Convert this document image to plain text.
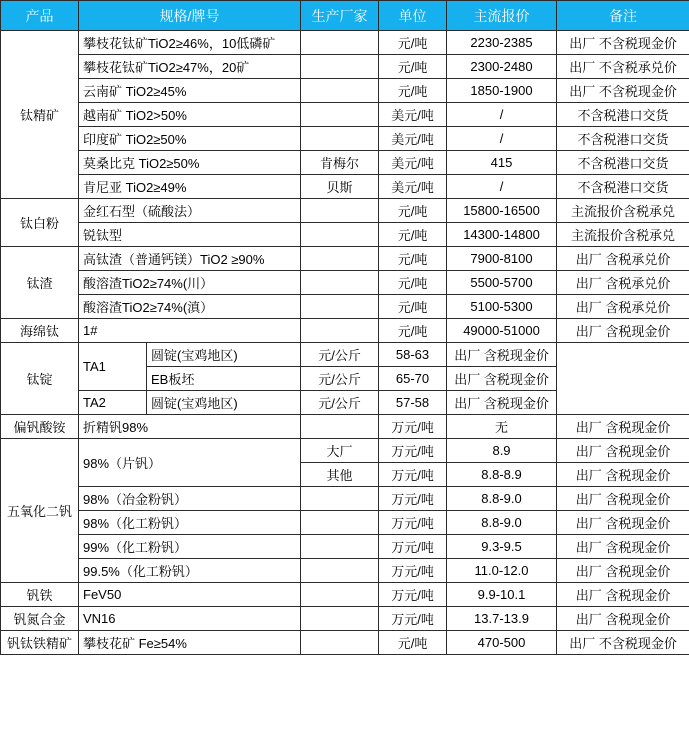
产品	规格/牌号		生产厂家	单位	主流报价	备注
钛精矿	攀枝花钛矿TiO2≥46%，10低磷矿			元/吨	2230-2385	出厂 不含税现金价
	攀枝花钛矿TiO2≥47%，20矿			元/吨	2300-2480	出厂 不含税承兑价
	云南矿 TiO2≥45%			元/吨	1850-1900	出厂 不含税现金价
	越南矿 TiO2>50%			美元/吨	/	不含税港口交货
	印度矿 TiO2≥50%			美元/吨	/	不含税港口交货
	莫桑比克 TiO2≥50%		肯梅尔	美元/吨	415	不含税港口交货
	肯尼亚 TiO2≥49%		贝斯	美元/吨	/	不含税港口交货
钛白粉	金红石型（硫酸法）			元/吨	15800-16500	主流报价含税承兑
	锐钛型			元/吨	14300-14800	主流报价含税承兑
钛渣	高钛渣（普通钙镁）TiO2 ≥90%			元/吨	7900-8100	出厂 含税承兑价
	酸溶渣TiO2≥74%(川）			元/吨	5500-5700	出厂 含税承兑价
	酸溶渣TiO2≥74%(滇）			元/吨	5100-5300	出厂 含税承兑价
海绵钛	1#			元/吨	49000-51000	出厂 含税现金价
钛锭	TA1	圆锭(宝鸡地区)	元/公斤	58-63	出厂 含税现金价	
		EB板坯	元/公斤	65-70	出厂 含税现金价	
	TA2	圆锭(宝鸡地区)	元/公斤	57-58	出厂 含税现金价	
偏钒酸铵	折精钒98%			万元/吨	无	出厂 含税现金价
五氧化二钒	98%（片钒）		大厂	万元/吨	8.9	出厂 含税现金价
			其他	万元/吨	8.8-8.9	出厂 含税现金价
	98%（冶金粉钒）			万元/吨	8.8-9.0	出厂 含税现金价
	98%（化工粉钒）			万元/吨	8.8-9.0	出厂 含税现金价
	99%（化工粉钒）			万元/吨	9.3-9.5	出厂 含税现金价
	99.5%（化工粉钒）			万元/吨	11.0-12.0	出厂 含税现金价
钒铁	FeV50			万元/吨	9.9-10.1	出厂 含税现金价
钒氮合金	VN16			万元/吨	13.7-13.9	出厂 含税现金价
钒钛铁精矿	攀枝花矿 Fe≥54%			元/吨	470-500	出厂 不含税现金价
